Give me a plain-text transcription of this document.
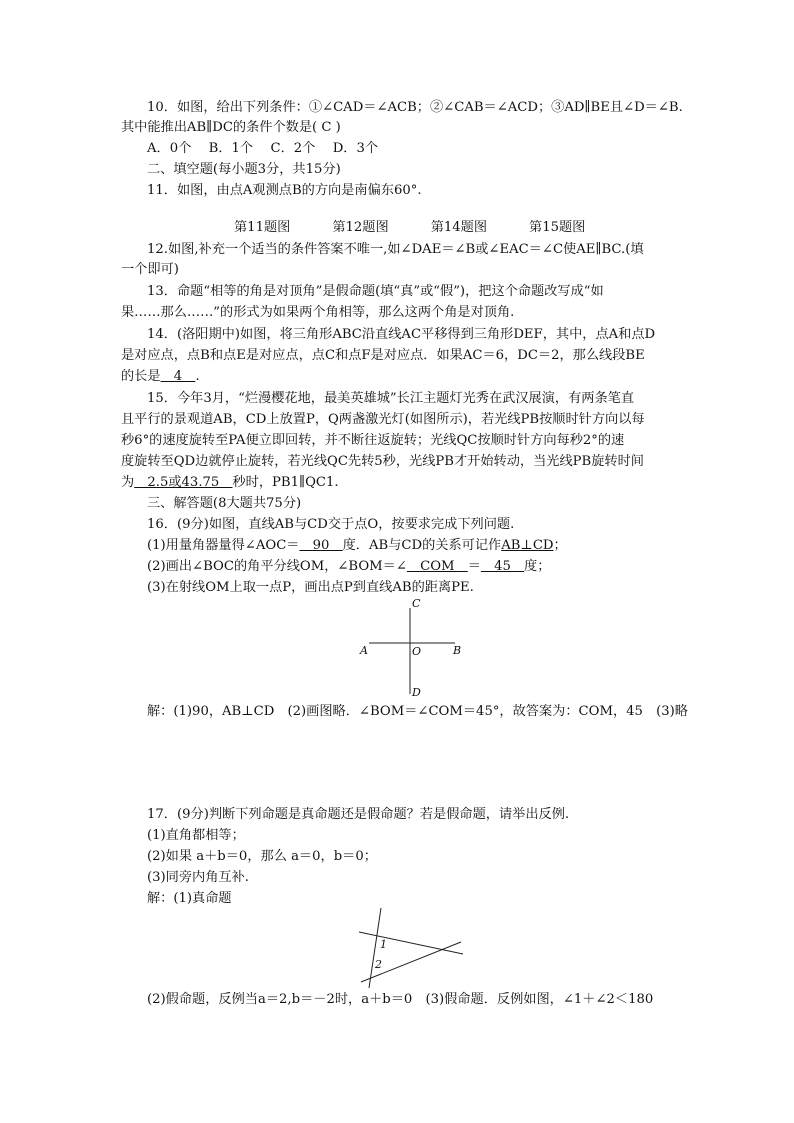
10．如图，给出下列条件：①∠CAD＝∠ACB；②∠CAB＝∠ACD；③AD∥BE且∠D＝∠B.
其中能推出AB∥DC的条件个数是( C )
A．0个　 B．1个　 C．2个　 D．3个
二、填空题(每小题3分，共15分)
11．如图，由点A观测点B的方向是南偏东60°.
第11题图	第12题图	第14题图	第15题图
12.如图,补充一个适当的条件答案不唯一,如∠DAE＝∠B或∠EAC＝∠C使AE∥BC.(填
一个即可)
13．命题“相等的角是对顶角”是假命题(填“真”或“假”)，把这个命题改写成“如
果……那么……”的形式为如果两个角相等，那么这两个角是对顶角.
14．(洛阳期中)如图，将三角形ABC沿直线AC平移得到三角形DEF，其中，点A和点D
是对应点，点B和点E是对应点，点C和点F是对应点．如果AC＝6，DC＝2，那么线段BE
的长是　4　.
15．今年3月，“烂漫樱花地，最美英雄城”长江主题灯光秀在武汉展演，有两条笔直
且平行的景观道AB，CD上放置P，Q两盏激光灯(如图所示)，若光线PB按顺时针方向以每
秒6°的速度旋转至PA便立即回转，并不断往返旋转；光线QC按顺时针方向每秒2°的速
度旋转至QD边就停止旋转，若光线QC先转5秒，光线PB才开始转动，当光线PB旋转时间
为　2.5或43.75　秒时，PB1∥QC1.
三、解答题(8大题共75分)
16．(9分)如图，直线AB与CD交于点O，按要求完成下列问题.
(1)用量角器量得∠AOC＝　90　度．AB与CD的关系可记作AB⊥CD；
(2)画出∠BOC的角平分线OM，∠BOM＝∠　COM　＝　45　度；
(3)在射线OM上取一点P，画出点P到直线AB的距离PE.
C
A	O	B
D
解：(1)90，AB⊥CD　(2)画图略．∠BOM＝∠COM＝45°，故答案为：COM，45　(3)略
17．(9分)判断下列命题是真命题还是假命题？若是假命题，请举出反例.
(1)直角都相等；
(2)如果 a＋b＝0，那么 a＝0，b＝0；
(3)同旁内角互补.
解：(1)真命题
1
2
(2)假命题，反例当a＝2,b＝－2时，a＋b＝0　(3)假命题．反例如图，∠1＋∠2＜180
